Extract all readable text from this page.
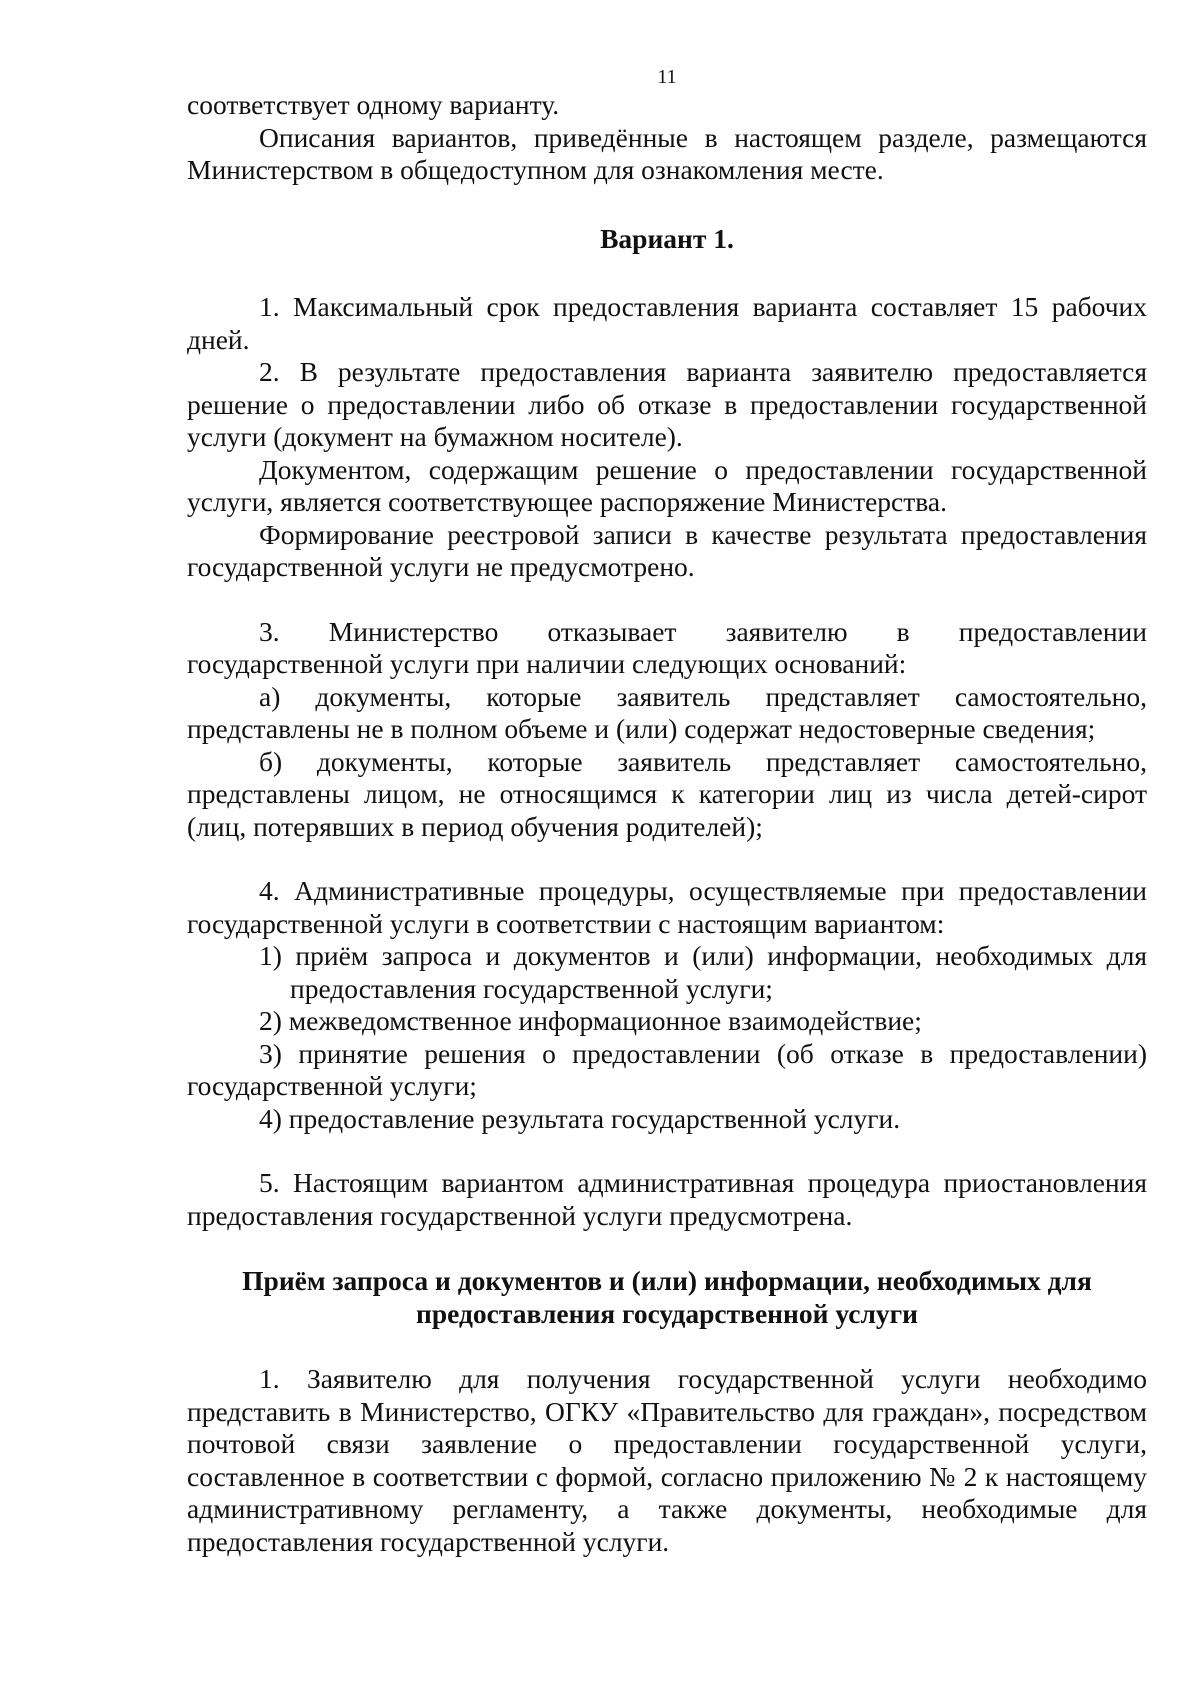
11

соответствует одному варианту.

Описания вариантов, приведённые в настоящем разделе, размещаются Министерством в общедоступном для ознакомления месте.

Вариант 1.

1. Максимальный срок предоставления варианта составляет 15 рабочих дней.

2. В результате предоставления варианта заявителю предоставляется решение о предоставлении либо об отказе в предоставлении государственной услуги (документ на бумажном носителе).

Документом, содержащим решение о предоставлении государственной услуги, является соответствующее распоряжение Министерства.

Формирование реестровой записи в качестве результата предоставления государственной услуги не предусмотрено.

3. Министерство отказывает заявителю в предоставлении

государственной услуги при наличии следующих оснований:

а) документы, которые заявитель представляет самостоятельно, представлены не в полном объеме и (или) содержат недостоверные сведения;

б) документы, которые заявитель представляет самостоятельно, представлены лицом, не относящимся к категории лиц из числа детей-сирот (лиц, потерявших в период обучения родителей);

4. Административные процедуры, осуществляемые при предоставлении государственной услуги в соответствии с настоящим вариантом:

1) приём запроса и документов и (или) информации, необходимых для предоставления государственной услуги;

2) межведомственное информационное взаимодействие;

3) принятие решения о предоставлении (об отказе в предоставлении) государственной услуги;

4) предоставление результата государственной услуги.

5. Настоящим вариантом административная процедура приостановления предоставления государственной услуги предусмотрена.

Приём запроса и документов и (или) информации, необходимых для

предоставления государственной услуги

1. Заявителю для получения государственной услуги необходимо представить в Министерство, ОГКУ «Правительство для граждан», посредством почтовой связи заявление о предоставлении государственной услуги, составленное в соответствии с формой, согласно приложению № 2 к настоящему административному регламенту, а также документы, необходимые для предоставления государственной услуги.
